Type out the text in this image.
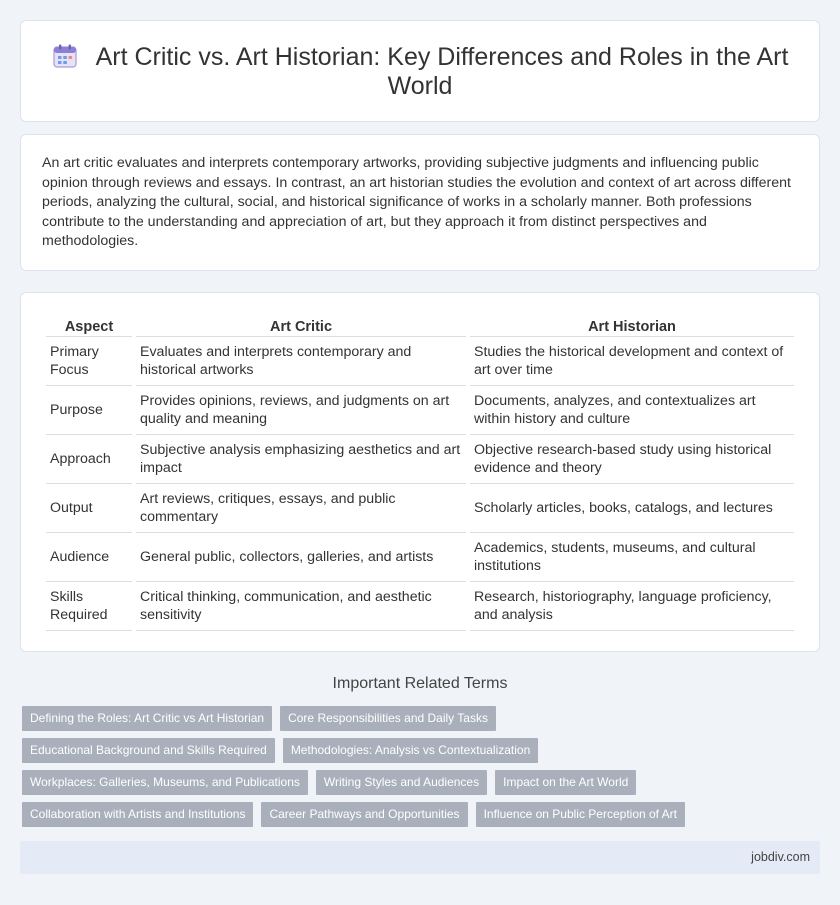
Art Critic vs. Art Historian: Key Differences and Roles in the Art World

An art critic evaluates and interprets contemporary artworks, providing subjective judgments and influencing public opinion through reviews and essays. In contrast, an art historian studies the evolution and context of art across different periods, analyzing the cultural, social, and historical significance of works in a scholarly manner. Both professions contribute to the understanding and appreciation of art, but they approach it from distinct perspectives and methodologies.

Aspect	Art Critic	Art Historian
Primary Focus	Evaluates and interprets contemporary and historical artworks	Studies the historical development and context of art over time
Purpose	Provides opinions, reviews, and judgments on art quality and meaning	Documents, analyzes, and contextualizes art within history and culture
Approach	Subjective analysis emphasizing aesthetics and art impact	Objective research-based study using historical evidence and theory
Output	Art reviews, critiques, essays, and public commentary	Scholarly articles, books, catalogs, and lectures
Audience	General public, collectors, galleries, and artists	Academics, students, museums, and cultural institutions
Skills Required	Critical thinking, communication, and aesthetic sensitivity	Research, historiography, language proficiency, and analysis
Important Related Terms
Defining the Roles: Art Critic vs Art Historian	Core Responsibilities and Daily Tasks
Educational Background and Skills Required	Methodologies: Analysis vs Contextualization
Workplaces: Galleries, Museums, and Publications	Writing Styles and Audiences	Impact on the Art World
Collaboration with Artists and Institutions	Career Pathways and Opportunities	Influence on Public Perception of Art
jobdiv.com
